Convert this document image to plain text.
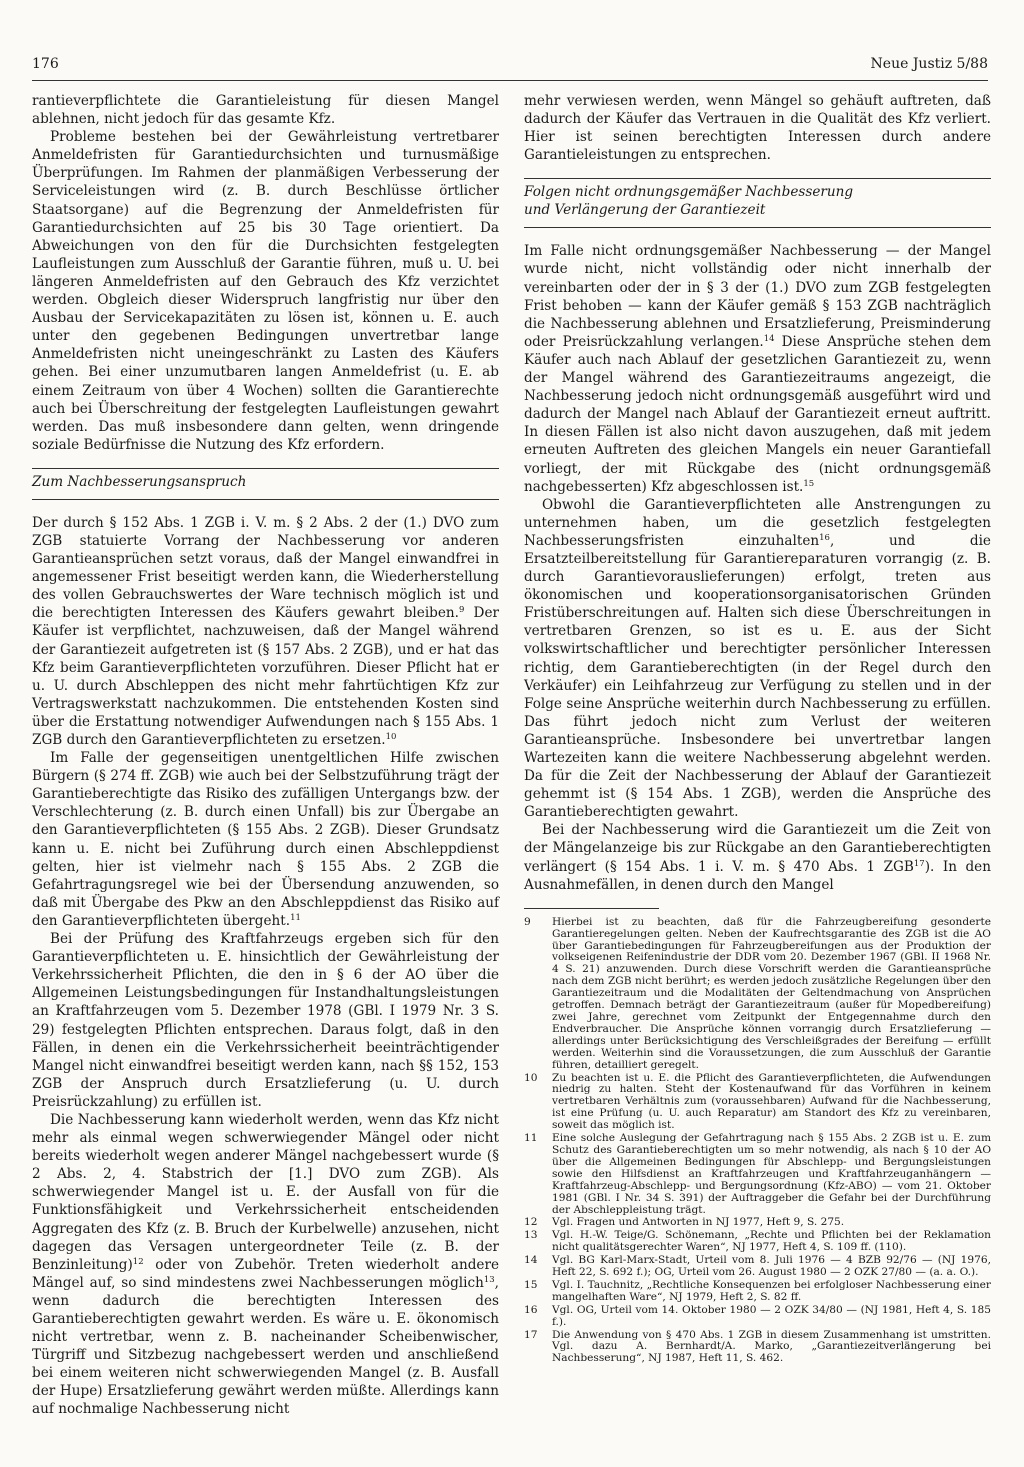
176	Neue Justiz 5/88

rantieverpflichtete die Garantieleistung für diesen Mangel ablehnen, nicht jedoch für das gesamte Kfz.

Probleme bestehen bei der Gewährleistung vertretbarer Anmeldefristen für Garantiedurchsichten und turnusmäßige Überprüfungen. Im Rahmen der planmäßigen Verbesserung der Serviceleistungen wird (z. B. durch Beschlüsse örtlicher Staatsorgane) auf die Begrenzung der Anmeldefristen für Garantiedurchsichten auf 25 bis 30 Tage orientiert. Da Abweichungen von den für die Durchsichten festgelegten Laufleistungen zum Ausschluß der Garantie führen, muß u. U. bei längeren Anmeldefristen auf den Gebrauch des Kfz verzichtet werden. Obgleich dieser Widerspruch langfristig nur über den Ausbau der Servicekapazitäten zu lösen ist, können u. E. auch unter den gegebenen Bedingungen unvertretbar lange Anmeldefristen nicht uneingeschränkt zu Lasten des Käufers gehen. Bei einer unzumutbaren langen Anmeldefrist (u. E. ab einem Zeitraum von über 4 Wochen) sollten die Garantierechte auch bei Überschreitung der festgelegten Laufleistungen gewahrt werden. Das muß insbesondere dann gelten, wenn dringende soziale Bedürfnisse die Nutzung des Kfz erfordern.

Zum Nachbesserungsanspruch

Der durch § 152 Abs. 1 ZGB i. V. m. § 2 Abs. 2 der (1.) DVO zum ZGB statuierte Vorrang der Nachbesserung vor anderen Garantieansprüchen setzt voraus, daß der Mangel einwandfrei in angemessener Frist beseitigt werden kann, die Wiederherstellung des vollen Gebrauchswertes der Ware technisch möglich ist und die berechtigten Interessen des Käufers gewahrt bleiben.$^9$ Der Käufer ist verpflichtet, nachzuweisen, daß der Mangel während der Garantiezeit aufgetreten ist (§ 157 Abs. 2 ZGB), und er hat das Kfz beim Garantieverpflichteten vorzuführen. Dieser Pflicht hat er u. U. durch Abschleppen des nicht mehr fahrtüchtigen Kfz zur Vertragswerkstatt nachzukommen. Die entstehenden Kosten sind über die Erstattung notwendiger Aufwendungen nach § 155 Abs. 1 ZGB durch den Garantieverpflichteten zu ersetzen.$^{10}$

Im Falle der gegenseitigen unentgeltlichen Hilfe zwischen Bürgern (§ 274 ff. ZGB) wie auch bei der Selbstzuführung trägt der Garantieberechtigte das Risiko des zufälligen Untergangs bzw. der Verschlechterung (z. B. durch einen Unfall) bis zur Übergabe an den Garantieverpflichteten (§ 155 Abs. 2 ZGB). Dieser Grundsatz kann u. E. nicht bei Zuführung durch einen Abschleppdienst gelten, hier ist vielmehr nach § 155 Abs. 2 ZGB die Gefahrtragungsregel wie bei der Übersendung anzuwenden, so daß mit Übergabe des Pkw an den Abschleppdienst das Risiko auf den Garantieverpflichteten übergeht.$^{11}$

Bei der Prüfung des Kraftfahrzeugs ergeben sich für den Garantieverpflichteten u. E. hinsichtlich der Gewährleistung der Verkehrssicherheit Pflichten, die den in § 6 der AO über die Allgemeinen Leistungsbedingungen für Instandhaltungsleistungen an Kraftfahrzeugen vom 5. Dezember 1978 (GBl. I 1979 Nr. 3 S. 29) festgelegten Pflichten entsprechen. Daraus folgt, daß in den Fällen, in denen ein die Verkehrssicherheit beeinträchtigender Mangel nicht einwandfrei beseitigt werden kann, nach §§ 152, 153 ZGB der Anspruch durch Ersatzlieferung (u. U. durch Preisrückzahlung) zu erfüllen ist.

Die Nachbesserung kann wiederholt werden, wenn das Kfz nicht mehr als einmal wegen schwerwiegender Mängel oder nicht bereits wiederholt wegen anderer Mängel nachgebessert wurde (§ 2 Abs. 2, 4. Stabstrich der [1.] DVO zum ZGB). Als schwerwiegender Mangel ist u. E. der Ausfall von für die Funktionsfähigkeit und Verkehrssicherheit entscheidenden Aggregaten des Kfz (z. B. Bruch der Kurbelwelle) anzusehen, nicht dagegen das Versagen untergeordneter Teile (z. B. der Benzinleitung)$^{12}$ oder von Zubehör. Treten wiederholt andere Mängel auf, so sind mindestens zwei Nachbesserungen möglich$^{13}$, wenn dadurch die berechtigten Interessen des Garantieberechtigten gewahrt werden. Es wäre u. E. ökonomisch nicht vertretbar, wenn z. B. nacheinander Scheibenwischer, Türgriff und Sitzbezug nachgebessert werden und anschließend bei einem weiteren nicht schwerwiegenden Mangel (z. B. Ausfall der Hupe) Ersatzlieferung gewährt werden müßte. Allerdings kann auf nochmalige Nachbesserung nicht

mehr verwiesen werden, wenn Mängel so gehäuft auftreten, daß dadurch der Käufer das Vertrauen in die Qualität des Kfz verliert. Hier ist seinen berechtigten Interessen durch andere Garantieleistungen zu entsprechen.

Folgen nicht ordnungsgemäßer Nachbesserung
und Verlängerung der Garantiezeit

Im Falle nicht ordnungsgemäßer Nachbesserung — der Mangel wurde nicht, nicht vollständig oder nicht innerhalb der vereinbarten oder der in § 3 der (1.) DVO zum ZGB festgelegten Frist behoben — kann der Käufer gemäß § 153 ZGB nachträglich die Nachbesserung ablehnen und Ersatzlieferung, Preisminderung oder Preisrückzahlung verlangen.$^{14}$ Diese Ansprüche stehen dem Käufer auch nach Ablauf der gesetzlichen Garantiezeit zu, wenn der Mangel während des Garantiezeitraums angezeigt, die Nachbesserung jedoch nicht ordnungsgemäß ausgeführt wird und dadurch der Mangel nach Ablauf der Garantiezeit erneut auftritt. In diesen Fällen ist also nicht davon auszugehen, daß mit jedem erneuten Auftreten des gleichen Mangels ein neuer Garantiefall vorliegt, der mit Rückgabe des (nicht ordnungsgemäß nachgebesserten) Kfz abgeschlossen ist.$^{15}$

Obwohl die Garantieverpflichteten alle Anstrengungen zu unternehmen haben, um die gesetzlich festgelegten Nachbesserungsfristen einzuhalten$^{16}$, und die Ersatzteilbereitstellung für Garantiereparaturen vorrangig (z. B. durch Garantievorauslieferungen) erfolgt, treten aus ökonomischen und kooperationsorganisatorischen Gründen Fristüberschreitungen auf. Halten sich diese Überschreitungen in vertretbaren Grenzen, so ist es u. E. aus der Sicht volkswirtschaftlicher und berechtigter persönlicher Interessen richtig, dem Garantieberechtigten (in der Regel durch den Verkäufer) ein Leihfahrzeug zur Verfügung zu stellen und in der Folge seine Ansprüche weiterhin durch Nachbesserung zu erfüllen. Das führt jedoch nicht zum Verlust der weiteren Garantieansprüche. Insbesondere bei unvertretbar langen Wartezeiten kann die weitere Nachbesserung abgelehnt werden. Da für die Zeit der Nachbesserung der Ablauf der Garantiezeit gehemmt ist (§ 154 Abs. 1 ZGB), werden die Ansprüche des Garantieberechtigten gewahrt.

Bei der Nachbesserung wird die Garantiezeit um die Zeit von der Mängelanzeige bis zur Rückgabe an den Garantieberechtigten verlängert (§ 154 Abs. 1 i. V. m. § 470 Abs. 1 ZGB$^{17}$). In den Ausnahmefällen, in denen durch den Mangel

9	Hierbei ist zu beachten, daß für die Fahrzeugbereifung gesonderte Garantieregelungen gelten. Neben der Kaufrechtsgarantie des ZGB ist die AO über Garantiebedingungen für Fahrzeugbereifungen aus der Produktion der volkseigenen Reifenindustrie der DDR vom 20. Dezember 1967 (GBl. II 1968 Nr. 4 S. 21) anzuwenden. Durch diese Vorschrift werden die Garantieansprüche nach dem ZGB nicht berührt; es werden jedoch zusätzliche Regelungen über den Garantiezeitraum und die Modalitäten der Geltendmachung von Ansprüchen getroffen. Demnach beträgt der Garantiezeitraum (außer für Mopedbereifung) zwei Jahre, gerechnet vom Zeitpunkt der Entgegennahme durch den Endverbraucher. Die Ansprüche können vorrangig durch Ersatzlieferung — allerdings unter Berücksichtigung des Verschleißgrades der Bereifung — erfüllt werden. Weiterhin sind die Voraussetzungen, die zum Ausschluß der Garantie führen, detailliert geregelt.
10	Zu beachten ist u. E. die Pflicht des Garantieverpflichteten, die Aufwendungen niedrig zu halten. Steht der Kostenaufwand für das Vorführen in keinem vertretbaren Verhältnis zum (voraussehbaren) Aufwand für die Nachbesserung, ist eine Prüfung (u. U. auch Reparatur) am Standort des Kfz zu vereinbaren, soweit das möglich ist.
11	Eine solche Auslegung der Gefahrtragung nach § 155 Abs. 2 ZGB ist u. E. zum Schutz des Garantieberechtigten um so mehr notwendig, als nach § 10 der AO über die Allgemeinen Bedingungen für Abschlepp- und Bergungsleistungen sowie den Hilfsdienst an Kraftfahrzeugen und Kraftfahrzeuganhängern — Kraftfahrzeug-Abschlepp- und Bergungsordnung (Kfz-ABO) — vom 21. Oktober 1981 (GBl. I Nr. 34 S. 391) der Auftraggeber die Gefahr bei der Durchführung der Abschleppleistung trägt.
12	Vgl. Fragen und Antworten in NJ 1977, Heft 9, S. 275.
13	Vgl. H.-W. Teige/G. Schönemann, „Rechte und Pflichten bei der Reklamation nicht qualitätsgerechter Waren“, NJ 1977, Heft 4, S. 109 ff. (110).
14	Vgl. BG Karl-Marx-Stadt, Urteil vom 8. Juli 1976 — 4 BZB 92/76 — (NJ 1976, Heft 22, S. 692 f.); OG, Urteil vom 26. August 1980 — 2 OZK 27/80 — (a. a. O.).
15	Vgl. I. Tauchnitz, „Rechtliche Konsequenzen bei erfolgloser Nachbesserung einer mangelhaften Ware“, NJ 1979, Heft 2, S. 82 ff.
16	Vgl. OG, Urteil vom 14. Oktober 1980 — 2 OZK 34/80 — (NJ 1981, Heft 4, S. 185 f.).
17	Die Anwendung von § 470 Abs. 1 ZGB in diesem Zusammenhang ist umstritten. Vgl. dazu A. Bernhardt/A. Marko, „Garantiezeitverlängerung bei Nachbesserung“, NJ 1987, Heft 11, S. 462.
